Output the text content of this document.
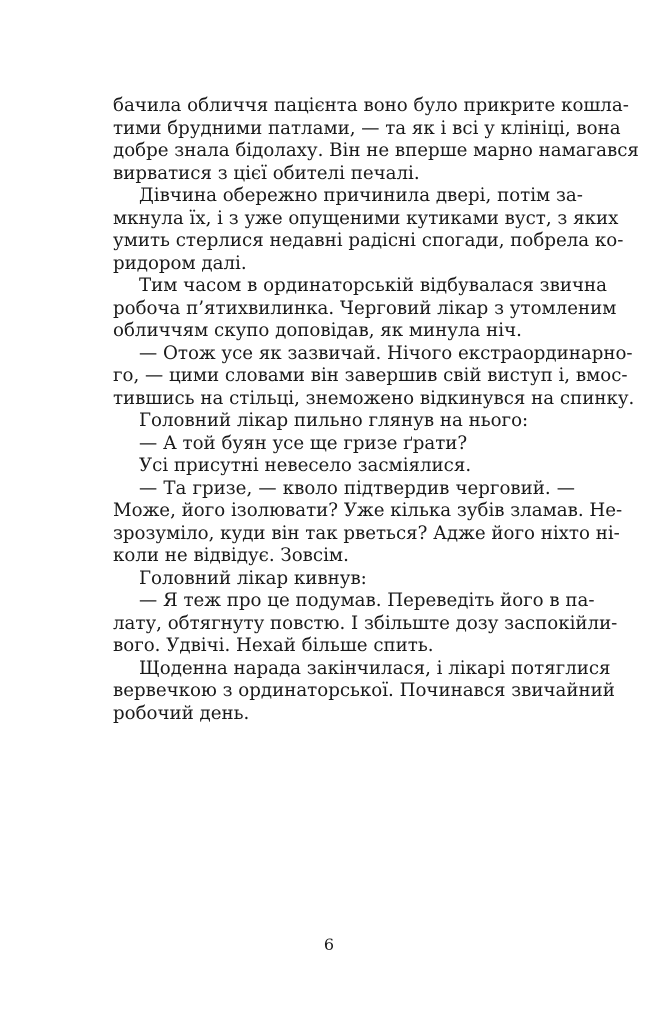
бачила обличчя пацієнта воно було прикрите кошла-
тими брудними патлами, — та як і всі у клініці, вона
добре знала бідолаху. Він не вперше марно намагався
вирватися з цієї обителі печалі.

Дівчина обережно причинила двері, потім за-
мкнула їх, і з уже опущеними кутиками вуст, з яких
умить стерлися недавні радісні спогади, побрела ко-
ридором далі.

Тим часом в ординаторській відбувалася звична
робоча п’ятихвилинка. Черговий лікар з утомленим
обличчям скупо доповідав, як минула ніч.

— Отож усе як зазвичай. Нічого екстраординарно-
го, — цими словами він завершив свій виступ і, вмос-
тившись на стільці, знеможено відкинувся на спинку.

Головний лікар пильно глянув на нього:

— А той буян усе ще гризе ґрати?

Усі присутні невесело засміялися.

— Та гризе, — кволо підтвердив черговий. —
Може, його ізолювати? Уже кілька зубів зламав. Не-
зрозуміло, куди він так рветься? Адже його ніхто ні-
коли не відвідує. Зовсім.

Головний лікар кивнув:

— Я теж про це подумав. Переведіть його в па-
лату, обтягнуту повстю. І збільште дозу заспокійли-
вого. Удвічі. Нехай більше спить.

Щоденна нарада закінчилася, і лікарі потяглися
вервечкою з ординаторської. Починався звичайний
робочий день.

6
